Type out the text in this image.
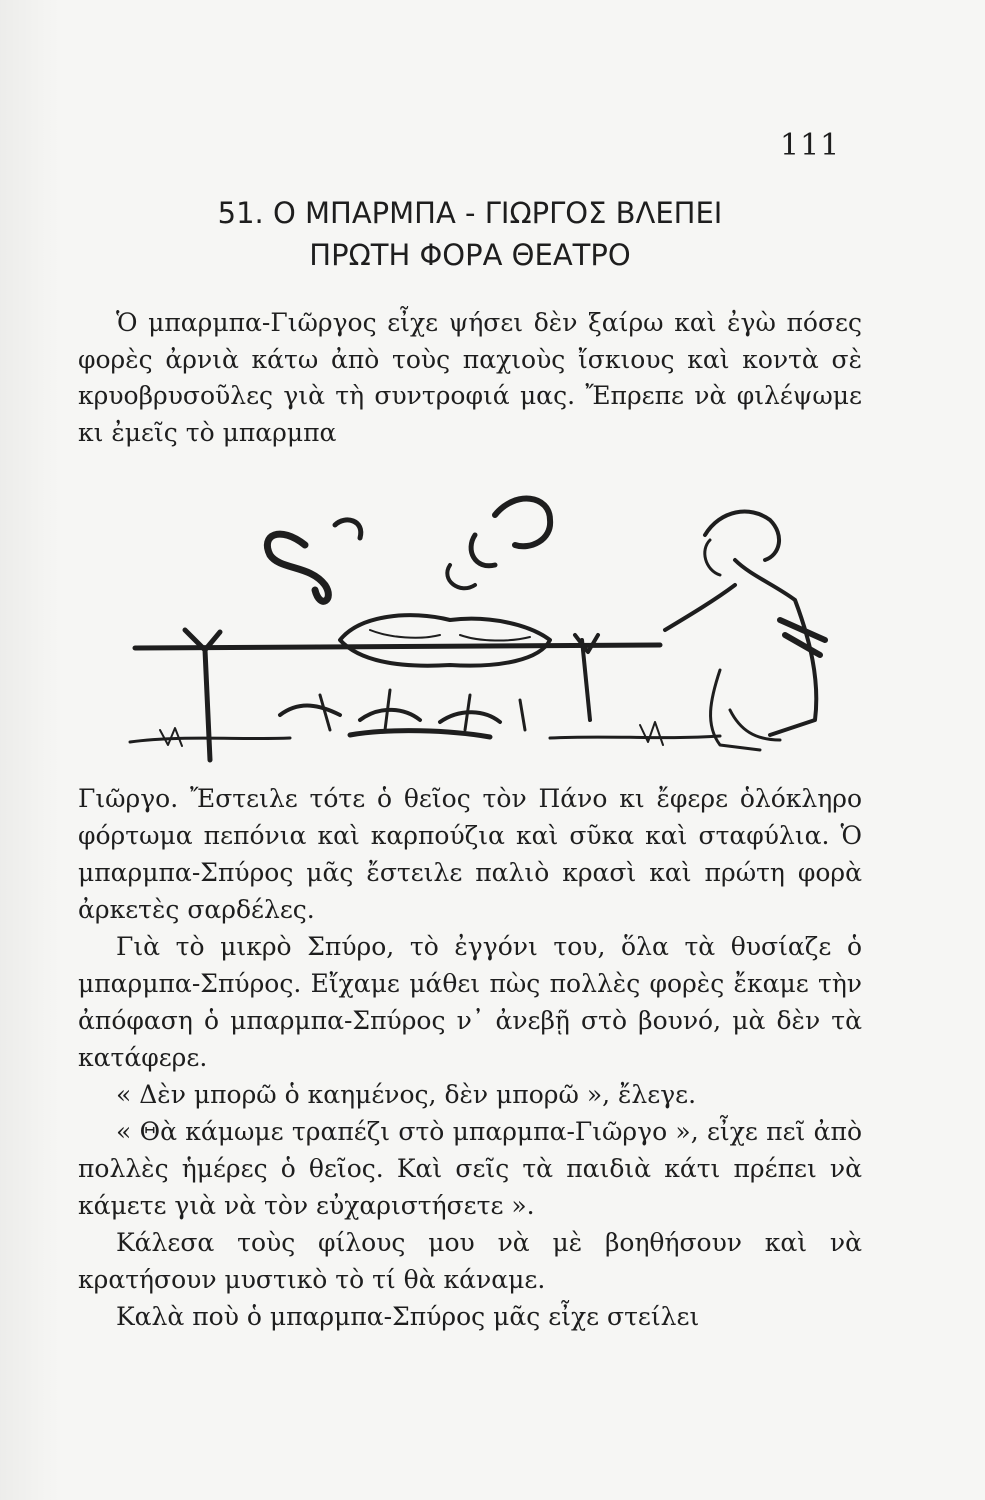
111
51. Ο ΜΠΑΡΜΠΑ - ΓΙΩΡΓΟΣ ΒΛΕΠΕΙ
ΠΡΩΤΗ ΦΟΡΑ ΘΕΑΤΡΟ

Ὁ μπαρμπα-Γιῶργος εἶχε ψήσει δὲν ξαίρω καὶ ἐγὼ πόσες φορὲς ἀρνιὰ κάτω ἀπὸ τοὺς παχιοὺς ἴσκιους καὶ κοντὰ σὲ κρυοβρυσοῦλες γιὰ τὴ συντροφιά μας. Ἔπρεπε νὰ φιλέψωμε κι ἐμεῖς τὸ μπαρμπα

Γιῶργο. Ἔστειλε τότε ὁ θεῖος τὸν Πάνο κι ἔφερε ὁλόκληρο φόρτωμα πεπόνια καὶ καρπούζια καὶ σῦκα καὶ σταφύλια. Ὁ μπαρμπα-Σπύρος μᾶς ἔστειλε παλιὸ κρασὶ καὶ πρώτη φορὰ ἀρκετὲς σαρδέλες.

Γιὰ τὸ μικρὸ Σπύρο, τὸ ἐγγόνι του, ὅλα τὰ θυσίαζε ὁ μπαρμπα-Σπύρος. Εἴχαμε μάθει πὼς πολλὲς φορὲς ἔκαμε τὴν ἀπόφαση ὁ μπαρμπα-Σπύρος ν᾿ ἀνεβῇ στὸ βουνό, μὰ δὲν τὰ κατάφερε.

« Δὲν μπορῶ ὁ καημένος, δὲν μπορῶ », ἔλεγε.

« Θὰ κάμωμε τραπέζι στὸ μπαρμπα-Γιῶργο », εἶχε πεῖ ἀπὸ πολλὲς ἡμέρες ὁ θεῖος. Καὶ σεῖς τὰ παιδιὰ κάτι πρέπει νὰ κάμετε γιὰ νὰ τὸν εὐχαριστήσετε ».

Κάλεσα τοὺς φίλους μου νὰ μὲ βοηθήσουν καὶ νὰ κρατήσουν μυστικὸ τὸ τί θὰ κάναμε.

Καλὰ ποὺ ὁ μπαρμπα-Σπύρος μᾶς εἶχε στείλει
